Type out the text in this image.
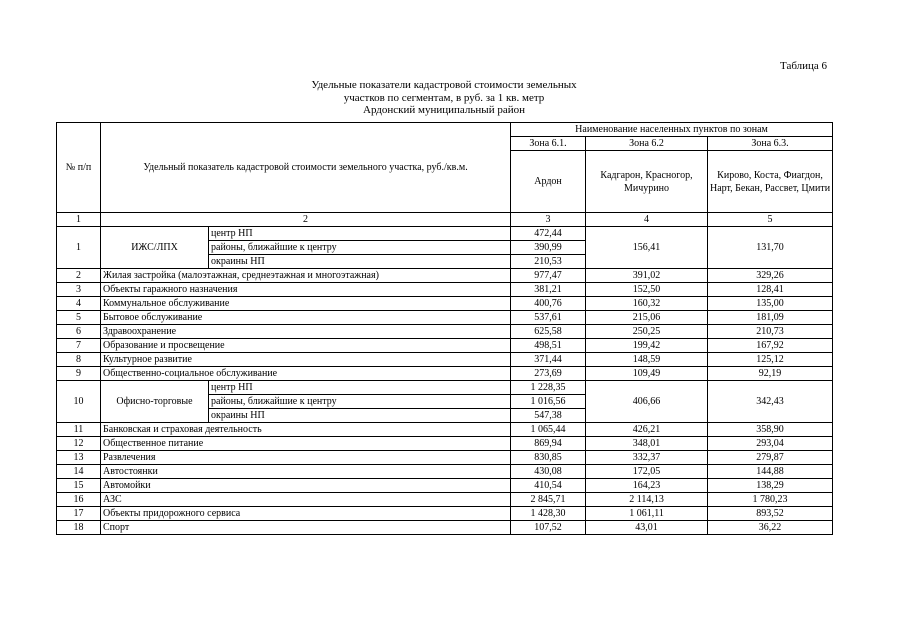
Таблица 6
Удельные показатели кадастровой стоимости земельных
участков по сегментам, в руб. за 1 кв. метр
Ардонский муниципальный район
№ п/п	Удельный показатель кадастровой стоимости земельного участка, руб./кв.м.		Наименование населенных пунктов по зонам		
			Зона 6.1.	Зона 6.2	Зона 6.3.
			Ардон	Кадгарон, Красногор, Мичурино	Кирово, Коста, Фиагдон, Нарт, Бекан, Рассвет, Цмити
1	2		3	4	5
1	ИЖС/ЛПХ	центр НП	472,44	156,41	131,70
		районы, ближайшие к центру	390,99		
		окраины НП	210,53		
2	Жилая застройка (малоэтажная, среднеэтажная и многоэтажная)		977,47	391,02	329,26
3	Объекты гаражного назначения		381,21	152,50	128,41
4	Коммунальное обслуживание		400,76	160,32	135,00
5	Бытовое обслуживание		537,61	215,06	181,09
6	Здравоохранение		625,58	250,25	210,73
7	Образование и просвещение		498,51	199,42	167,92
8	Культурное развитие		371,44	148,59	125,12
9	Общественно-социальное обслуживание		273,69	109,49	92,19
10	Офисно-торговые	центр НП	1 228,35	406,66	342,43
		районы, ближайшие к центру	1 016,56		
		окраины НП	547,38		
11	Банковская и страховая деятельность		1 065,44	426,21	358,90
12	Общественное питание		869,94	348,01	293,04
13	Развлечения		830,85	332,37	279,87
14	Автостоянки		430,08	172,05	144,88
15	Автомойки		410,54	164,23	138,29
16	АЗС		2 845,71	2 114,13	1 780,23
17	Объекты придорожного сервиса		1 428,30	1 061,11	893,52
18	Спорт		107,52	43,01	36,22
